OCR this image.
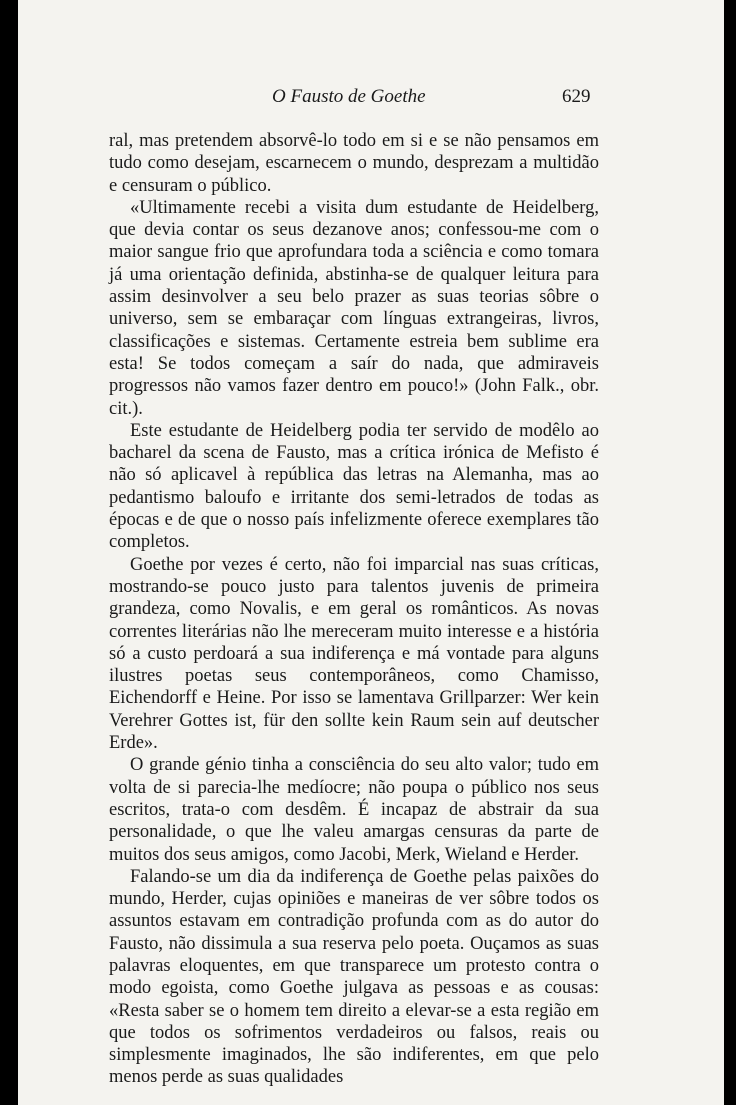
O Fausto de Goethe	629

ral, mas pretendem absorvê-lo todo em si e se não pensamos em tudo como desejam, escarnecem o mundo, desprezam a multidão e censuram o público.

«Ultimamente recebi a visita dum estudante de Heidelberg, que devia contar os seus dezanove anos; confessou-me com o maior sangue frio que aprofundara toda a sciência e como tomara já uma orientação definida, abstinha-se de qualquer leitura para assim desinvolver a seu belo prazer as suas teorias sôbre o universo, sem se embaraçar com línguas extrangeiras, livros, classificações e sistemas. Certamente estreia bem sublime era esta! Se todos começam a saír do nada, que admiraveis progressos não vamos fazer dentro em pouco!» (John Falk., obr. cit.).

Este estudante de Heidelberg podia ter servido de modêlo ao bacharel da scena de Fausto, mas a crítica irónica de Mefisto é não só aplicavel à república das letras na Alemanha, mas ao pedantismo baloufo e irritante dos semi-letrados de todas as épocas e de que o nosso país infelizmente oferece exemplares tão completos.

Goethe por vezes é certo, não foi imparcial nas suas críticas, mostrando-se pouco justo para talentos juvenis de primeira grandeza, como Novalis, e em geral os românticos. As novas correntes literárias não lhe mereceram muito interesse e a história só a custo perdoará a sua indiferença e má vontade para alguns ilustres poetas seus contemporâneos, como Chamisso, Eichendorff e Heine. Por isso se lamentava Grillparzer: Wer kein Verehrer Gottes ist, für den sollte kein Raum sein auf deutscher Erde».

O grande génio tinha a consciência do seu alto valor; tudo em volta de si parecia-lhe medíocre; não poupa o público nos seus escritos, trata-o com desdêm. É incapaz de abstrair da sua personalidade, o que lhe valeu amargas censuras da parte de muitos dos seus amigos, como Jacobi, Merk, Wieland e Herder.

Falando-se um dia da indiferença de Goethe pelas paixões do mundo, Herder, cujas opiniões e maneiras de ver sôbre todos os assuntos estavam em contradição profunda com as do autor do Fausto, não dissimula a sua reserva pelo poeta. Ouçamos as suas palavras eloquentes, em que transparece um protesto contra o modo egoista, como Goethe julgava as pessoas e as cousas: «Resta saber se o homem tem direito a elevar-se a esta região em que todos os sofrimentos verdadeiros ou falsos, reais ou simplesmente imaginados, lhe são indiferentes, em que pelo menos perde as suas qualidades
